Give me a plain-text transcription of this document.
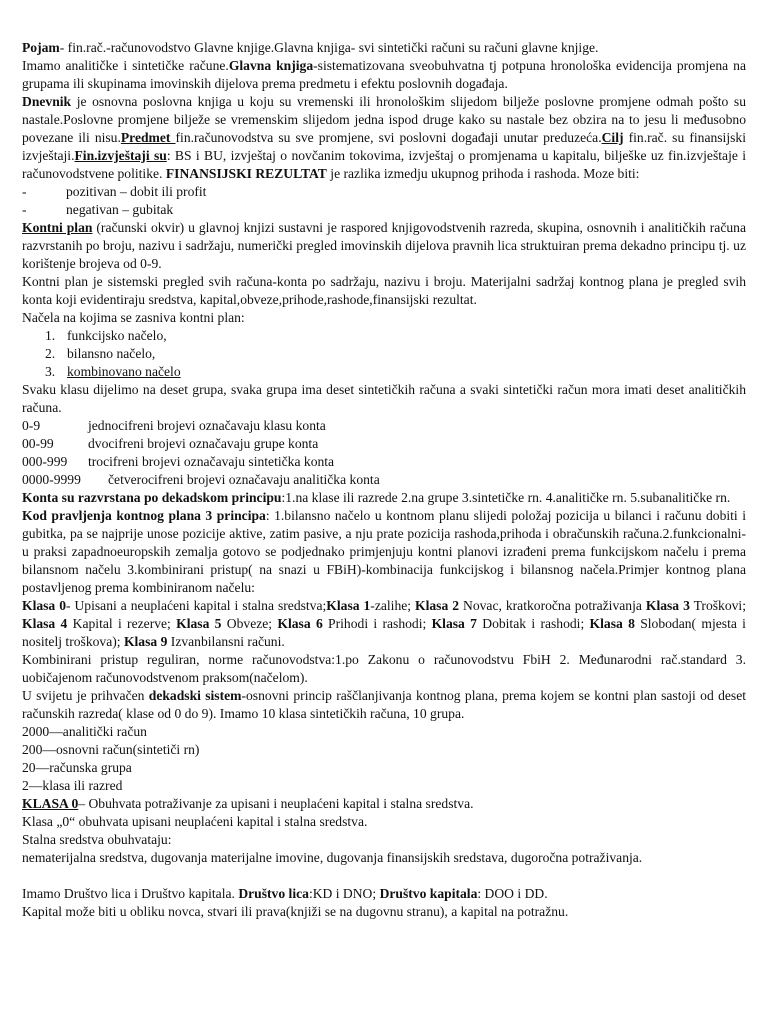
Pojam- fin.rač.-računovodstvo Glavne knjige.Glavna knjiga- svi sintetički računi su računi glavne knjige.
Imamo analitičke i sintetičke račune.Glavna knjiga-sistematizovana sveobuhvatna tj potpuna hronološka evidencija promjena na grupama ili skupinama imovinskih dijelova prema predmetu i efektu poslovnih događaja.
Dnevnik je osnovna poslovna knjiga u koju su vremenski ili hronološkim slijedom bilježe poslovne promjene odmah pošto su nastale.Poslovne promjene bilježe se vremenskim slijedom jedna ispod druge kako su nastale bez obzira na to jesu li međusobno povezane ili nisu.Predmet fin.računovodstva su sve promjene, svi poslovni događaji unutar preduzeća.Cilj fin.rač. su finansijski izvještaji.Fin.izvještaji su: BS i BU, izvještaj o novčanim tokovima, izvještaj o promjenama u kapitalu, bilješke uz fin.izvještaje i računovodstvene politike. FINANSIJSKI REZULTAT je razlika izmedju ukupnog prihoda i rashoda. Moze biti:
-	pozitivan – dobit ili profit
-	negativan – gubitak
Kontni plan (računski okvir) u glavnoj knjizi sustavni je raspored knjigovodstvenih razreda, skupina, osnovnih i analitičkih računa razvrstanih po broju, nazivu i sadržaju, numerički pregled imovinskih dijelova pravnih lica struktuiran prema dekadno principu tj. uz korištenje brojeva od 0-9.
Kontni plan je sistemski pregled svih računa-konta po sadržaju, nazivu i broju. Materijalni sadržaj kontnog plana je pregled svih konta koji evidentiraju sredstva, kapital,obveze,prihode,rashode,finansijski rezultat.
Načela na kojima se zasniva kontni plan:
1. funkcijsko načelo,
2. bilansno načelo,
3. kombinovano načelo
Svaku klasu dijelimo na deset grupa, svaka grupa ima deset sintetičkih računa a svaki sintetički račun mora imati deset analitičkih računa.
0-9	jednocifreni brojevi označavaju klasu konta
00-99	dvocifreni brojevi označavaju grupe konta
000-999	trocifreni brojevi označavaju sintetička konta
0000-9999	četverocifreni brojevi označavaju analitička konta
Konta su razvrstana po dekadskom principu:1.na klase ili razrede 2.na grupe 3.sintetičke rn. 4.analitičke rn. 5.subanalitičke rn.
Kod pravljenja kontnog plana 3 principa: 1.bilansno načelo u kontnom planu slijedi položaj pozicija u bilanci i računu dobiti i gubitka, pa se najprije unose pozicije aktive, zatim pasive, a nju prate pozicija rashoda,prihoda i obračunskih računa.2.funkcionalni-u praksi zapadnoeuropskih zemalja gotovo se podjednako primjenjuju kontni planovi izrađeni prema funkcijskom načelu i prema bilansnom načelu 3.kombinirani pristup( na snazi u FBiH)-kombinacija funkcijskog i bilansnog načela.Primjer kontnog plana postavljenog prema kombiniranom načelu:
Klasa 0- Upisani a neuplaćeni kapital i stalna sredstva;Klasa 1-zalihe; Klasa 2 Novac, kratkoročna potraživanja Klasa 3 Troškovi; Klasa 4 Kapital i rezerve; Klasa 5 Obveze; Klasa 6 Prihodi i rashodi; Klasa 7 Dobitak i rashodi; Klasa 8 Slobodan( mjesta i nositelj troškova); Klasa 9 Izvanbilansni računi.
Kombinirani pristup reguliran, norme računovodstva:1.po Zakonu o računovodstvu FbiH 2. Međunarodni rač.standard 3. uobičajenom računovodstvenom praksom(načelom).
U svijetu je prihvačen dekadski sistem-osnovni princip raščlanjivanja kontnog plana, prema kojem se kontni plan sastoji od deset računskih razreda( klase od 0 do 9). Imamo 10 klasa sintetičkih računa, 10 grupa.
2000—analitički račun
200—osnovni račun(sintetiči rn)
20—računska grupa
2—klasa ili razred
KLASA 0– Obuhvata potraživanje za upisani i neuplaćeni kapital i stalna sredstva.
Klasa „0“ obuhvata upisani neuplaćeni kapital i stalna sredstva.
Stalna sredstva obuhvataju:
nematerijalna sredstva, dugovanja materijalne imovine, dugovanja finansijskih sredstava, dugoročna potraživanja.
Imamo Društvo lica i Društvo kapitala. Društvo lica:KD i DNO; Društvo kapitala: DOO i DD.
Kapital može biti u obliku novca, stvari ili prava(knjiži se na dugovnu stranu), a kapital na potražnu.
